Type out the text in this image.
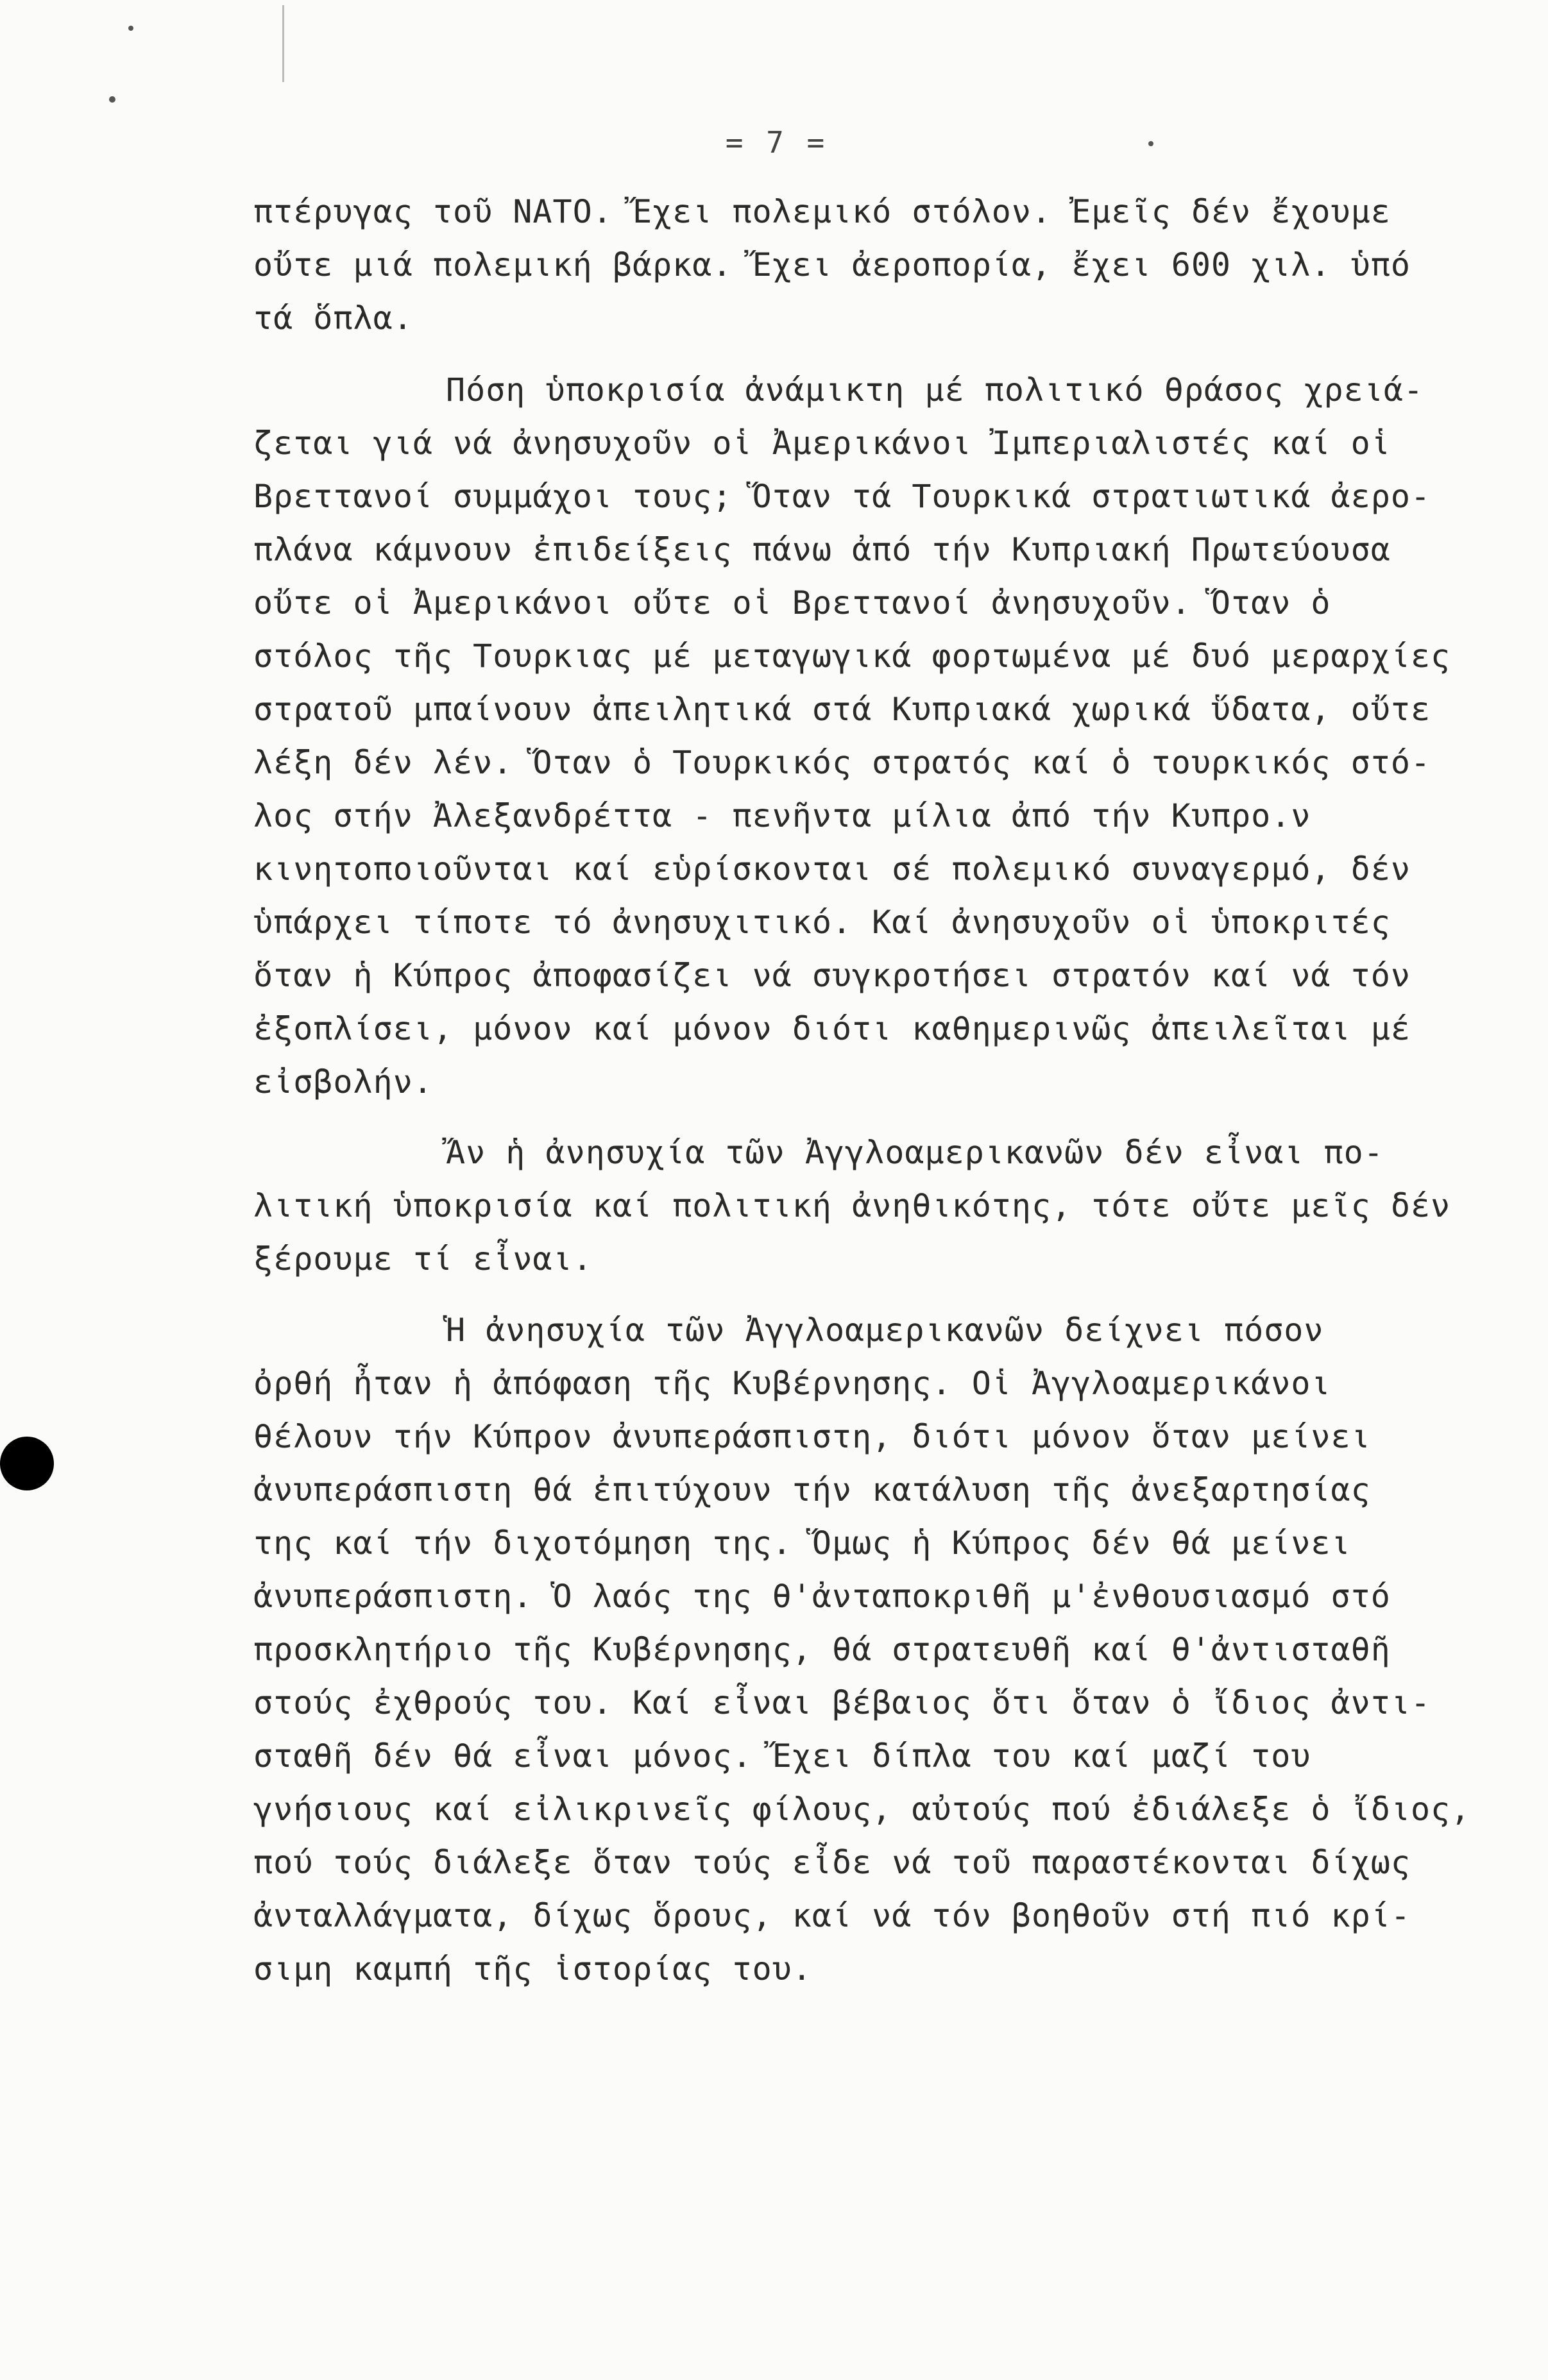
= 7 =
πτέρυγας τοῦ ΝΑΤΟ. Ἔχει πολεμικό στόλον. Ἐμεῖς δέν ἔχουμε
οὔτε μιά πολεμική βάρκα. Ἔχει ἀεροπορία, ἔχει 600 χιλ. ὑπό
τά ὅπλα.
Πόση ὑποκρισία ἀνάμικτη μέ πολιτικό θράσος χρειά-
ζεται γιά νά ἀνησυχοῦν οἱ Ἀμερικάνοι Ἰμπεριαλιστές καί οἱ
Βρεττανοί συμμάχοι τους; Ὅταν τά Τουρκικά στρατιωτικά ἀερο-
πλάνα κάμνουν ἐπιδείξεις πάνω ἀπό τήν Κυπριακή Πρωτεύουσα
οὔτε οἱ Ἀμερικάνοι οὔτε οἱ Βρεττανοί ἀνησυχοῦν. Ὅταν ὁ
στόλος τῆς Τουρκιας μέ μεταγωγικά φορτωμένα μέ δυό μεραρχίες
στρατοῦ μπαίνουν ἀπειλητικά στά Κυπριακά χωρικά ὕδατα, οὔτε
λέξη δέν λέν. Ὅταν ὁ Τουρκικός στρατός καί ὁ τουρκικός στό-
λος στήν Ἀλεξανδρέττα - πενῆντα μίλια ἀπό τήν Κυπρο.ν
κινητοποιοῦνται καί εὑρίσκονται σέ πολεμικό συναγερμό, δέν
ὑπάρχει τίποτε τό ἀνησυχιτικό. Καί ἀνησυχοῦν οἱ ὑποκριτές
ὅταν ἡ Κύπρος ἀποφασίζει νά συγκροτήσει στρατόν καί νά τόν
ἐξοπλίσει, μόνον καί μόνον διότι καθημερινῶς ἀπειλεῖται μέ
εἰσβολήν.
Ἄν ἡ ἀνησυχία τῶν Ἀγγλοαμερικανῶν δέν εἶναι πο-
λιτική ὑποκρισία καί πολιτική ἀνηθικότης, τότε οὔτε μεῖς δέν
ξέρουμε τί εἶναι.
Ἡ ἀνησυχία τῶν Ἀγγλοαμερικανῶν δείχνει πόσον
ὀρθή ἦταν ἡ ἀπόφαση τῆς Κυβέρνησης. Οἱ Ἀγγλοαμερικάνοι
θέλουν τήν Κύπρον ἀνυπεράσπιστη, διότι μόνον ὅταν μείνει
ἀνυπεράσπιστη θά ἐπιτύχουν τήν κατάλυση τῆς ἀνεξαρτησίας
της καί τήν διχοτόμηση της. Ὅμως ἡ Κύπρος δέν θά μείνει
ἀνυπεράσπιστη. Ὁ λαός της θ'ἀνταποκριθῆ μ'ἐνθουσιασμό στό
προσκλητήριο τῆς Κυβέρνησης, θά στρατευθῆ καί θ'ἀντισταθῆ
στούς ἐχθρούς του. Καί εἶναι βέβαιος ὅτι ὅταν ὁ ἴδιος ἀντι-
σταθῆ δέν θά εἶναι μόνος. Ἔχει δίπλα του καί μαζί του
γνήσιους καί εἰλικρινεῖς φίλους, αὐτούς πού ἐδιάλεξε ὁ ἴδιος,
πού τούς διάλεξε ὅταν τούς εἶδε νά τοῦ παραστέκονται δίχως
ἀνταλλάγματα, δίχως ὅρους, καί νά τόν βοηθοῦν στή πιό κρί-
σιμη καμπή τῆς ἱστορίας του.
